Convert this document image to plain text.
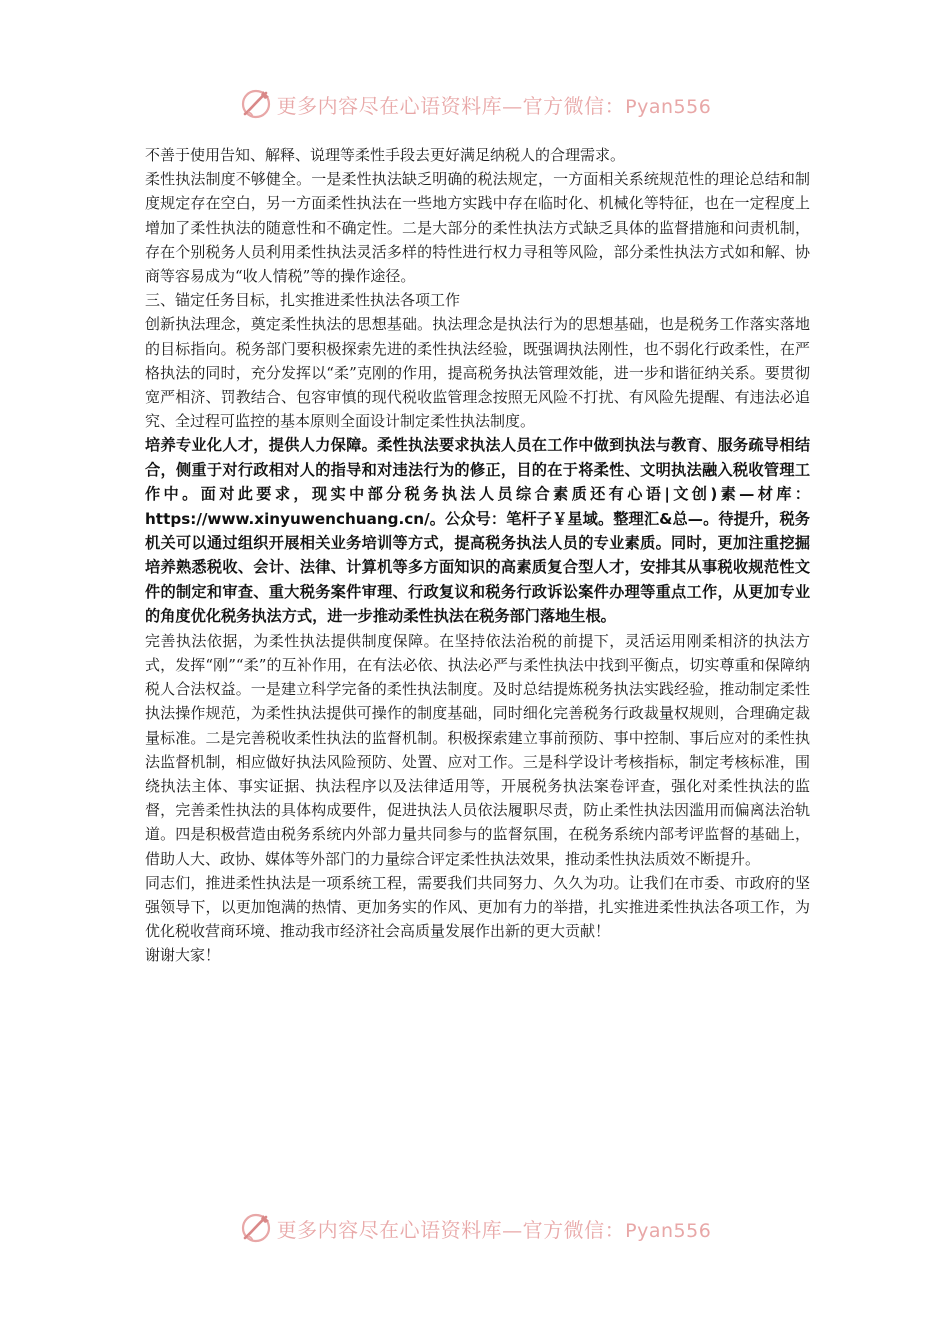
更多内容尽在心语资料库—官方微信：Pyan556

不善于使用告知、解释、说理等柔性手段去更好满足纳税人的合理需求。

柔性执法制度不够健全。一是柔性执法缺乏明确的税法规定，一方面相关系统规范性的理论总结和制度规定存在空白，另一方面柔性执法在一些地方实践中存在临时化、机械化等特征，也在一定程度上增加了柔性执法的随意性和不确定性。二是大部分的柔性执法方式缺乏具体的监督措施和问责机制，存在个别税务人员利用柔性执法灵活多样的特性进行权力寻租等风险，部分柔性执法方式如和解、协商等容易成为“收人情税”等的操作途径。

三、锚定任务目标，扎实推进柔性执法各项工作

创新执法理念，奠定柔性执法的思想基础。执法理念是执法行为的思想基础，也是税务工作落实落地的目标指向。税务部门要积极探索先进的柔性执法经验，既强调执法刚性，也不弱化行政柔性，在严格执法的同时，充分发挥以“柔”克刚的作用，提高税务执法管理效能，进一步和谐征纳关系。要贯彻宽严相济、罚教结合、包容审慎的现代税收监管理念按照无风险不打扰、有风险先提醒、有违法必追究、全过程可监控的基本原则全面设计制定柔性执法制度。

培养专业化人才，提供人力保障。柔性执法要求执法人员在工作中做到执法与教育、服务疏导相结合，侧重于对行政相对人的指导和对违法行为的修正，目的在于将柔性、文明执法融入税收管理工作中。面对此要求，现实中部分税务执法人员综合素质还有心语|文创)素—材库：https://www.xinyuwenchuang.cn/。公众号：笔杆子￥星域。整理汇&总—。待提升，税务机关可以通过组织开展相关业务培训等方式，提高税务执法人员的专业素质。同时，更加注重挖掘培养熟悉税收、会计、法律、计算机等多方面知识的高素质复合型人才，安排其从事税收规范性文件的制定和审查、重大税务案件审理、行政复议和税务行政诉讼案件办理等重点工作，从更加专业的角度优化税务执法方式，进一步推动柔性执法在税务部门落地生根。

完善执法依据，为柔性执法提供制度保障。在坚持依法治税的前提下，灵活运用刚柔相济的执法方式，发挥“刚”“柔”的互补作用，在有法必依、执法必严与柔性执法中找到平衡点，切实尊重和保障纳税人合法权益。一是建立科学完备的柔性执法制度。及时总结提炼税务执法实践经验，推动制定柔性执法操作规范，为柔性执法提供可操作的制度基础，同时细化完善税务行政裁量权规则，合理确定裁量标准。二是完善税收柔性执法的监督机制。积极探索建立事前预防、事中控制、事后应对的柔性执法监督机制，相应做好执法风险预防、处置、应对工作。三是科学设计考核指标，制定考核标准，围绕执法主体、事实证据、执法程序以及法律适用等，开展税务执法案卷评查，强化对柔性执法的监督，完善柔性执法的具体构成要件，促进执法人员依法履职尽责，防止柔性执法因滥用而偏离法治轨道。四是积极营造由税务系统内外部力量共同参与的监督氛围，在税务系统内部考评监督的基础上，借助人大、政协、媒体等外部门的力量综合评定柔性执法效果，推动柔性执法质效不断提升。

同志们，推进柔性执法是一项系统工程，需要我们共同努力、久久为功。让我们在市委、市政府的坚强领导下，以更加饱满的热情、更加务实的作风、更加有力的举措，扎实推进柔性执法各项工作，为优化税收营商环境、推动我市经济社会高质量发展作出新的更大贡献！

谢谢大家！

更多内容尽在心语资料库—官方微信：Pyan556
